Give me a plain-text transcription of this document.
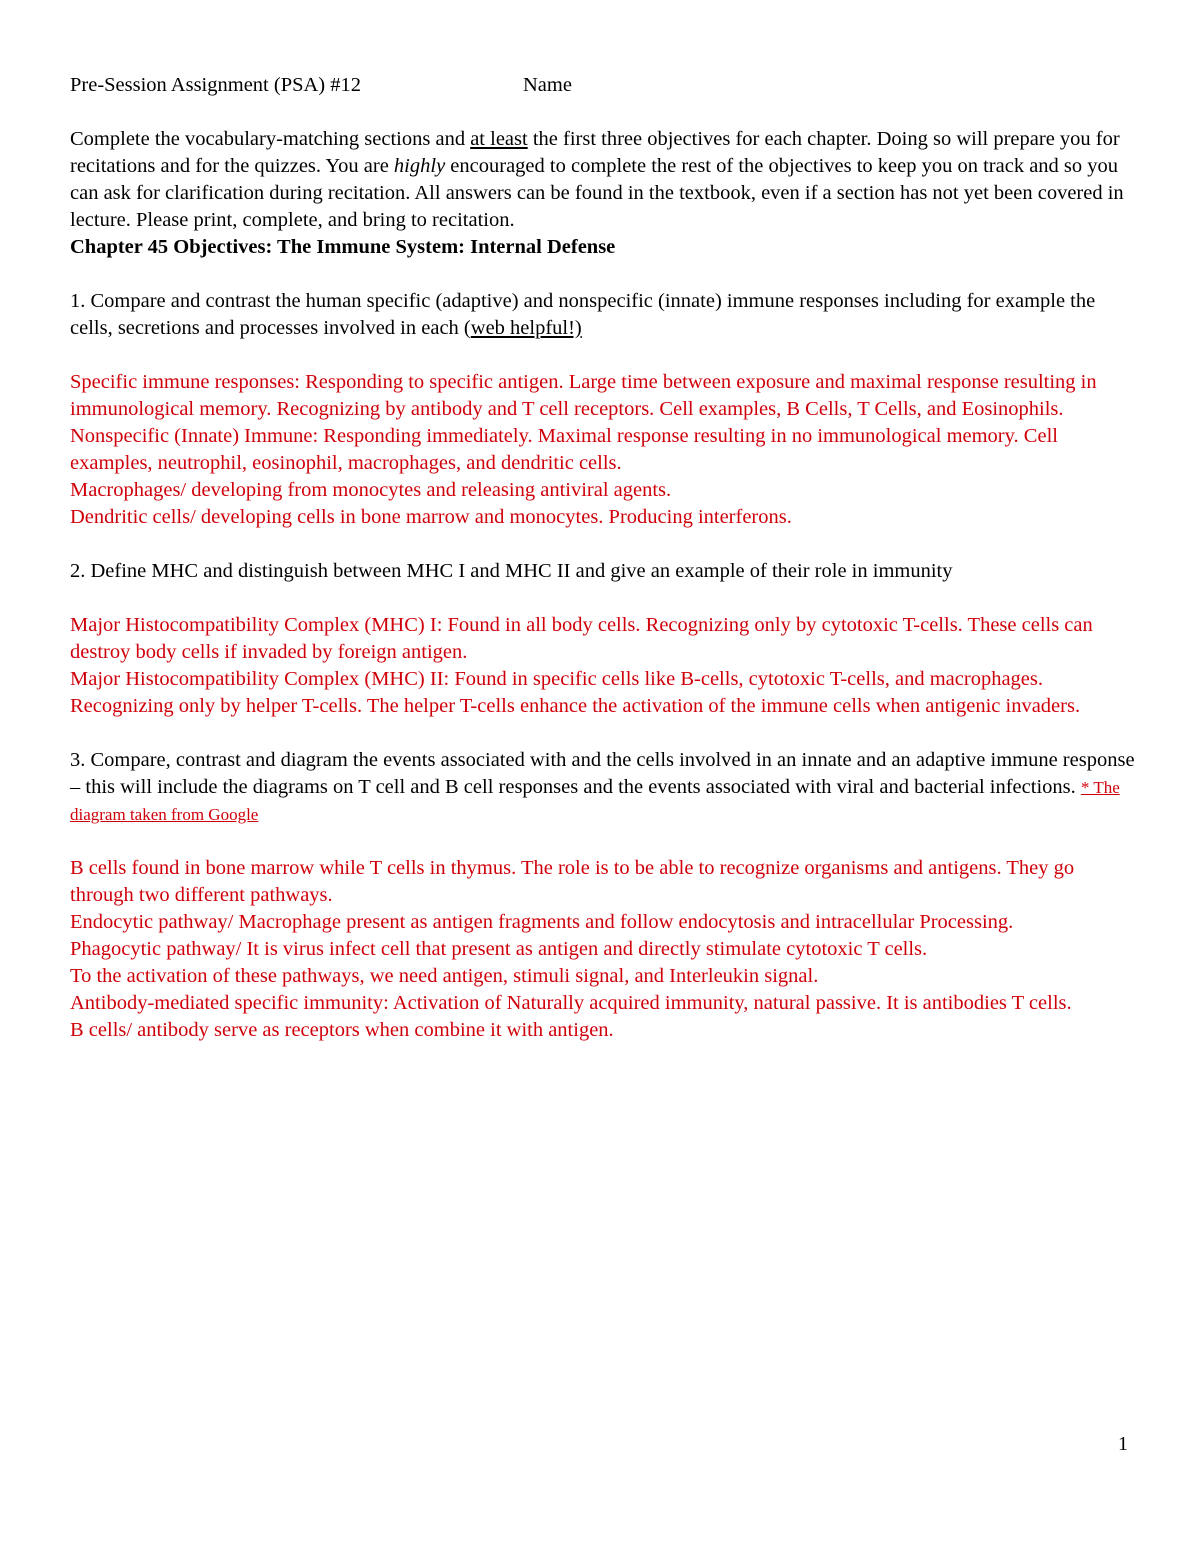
Pre-Session Assignment (PSA) #12	Name

Complete the vocabulary-matching sections and at least the first three objectives for each chapter. Doing so will prepare you for recitations and for the quizzes. You are highly encouraged to complete the rest of the objectives to keep you on track and so you can ask for clarification during recitation. All answers can be found in the textbook, even if a section has not yet been covered in lecture. Please print, complete, and bring to recitation.

Chapter 45 Objectives: The Immune System: Internal Defense

1. Compare and contrast the human specific (adaptive) and nonspecific (innate) immune responses including for example the cells, secretions and processes involved in each (web helpful!)

Specific immune responses: Responding to specific antigen. Large time between exposure and maximal response resulting in immunological memory. Recognizing by antibody and T cell receptors. Cell examples, B Cells, T Cells, and Eosinophils.
Nonspecific (Innate) Immune: Responding immediately. Maximal response resulting in no immunological memory. Cell examples, neutrophil, eosinophil, macrophages, and dendritic cells.
Macrophages/ developing from monocytes and releasing antiviral agents.
Dendritic cells/ developing cells in bone marrow and monocytes. Producing interferons.

2. Define MHC and distinguish between MHC I and MHC II and give an example of their role in immunity

Major Histocompatibility Complex (MHC) I: Found in all body cells. Recognizing only by cytotoxic T-cells. These cells can destroy body cells if invaded by foreign antigen.
Major Histocompatibility Complex (MHC) II: Found in specific cells like B-cells, cytotoxic T-cells, and macrophages. Recognizing only by helper T-cells. The helper T-cells enhance the activation of the immune cells when antigenic invaders.

3. Compare, contrast and diagram the events associated with and the cells involved in an innate and an adaptive immune response – this will include the diagrams on T cell and B cell responses and the events associated with viral and bacterial infections. * The diagram taken from Google

B cells found in bone marrow while T cells in thymus. The role is to be able to recognize organisms and antigens. They go through two different pathways.
Endocytic pathway/ Macrophage present as antigen fragments and follow endocytosis and intracellular Processing.
Phagocytic pathway/ It is virus infect cell that present as antigen and directly stimulate cytotoxic T cells.
To the activation of these pathways, we need antigen, stimuli signal, and Interleukin signal.
Antibody-mediated specific immunity: Activation of Naturally acquired immunity, natural passive. It is antibodies T cells.
B cells/ antibody serve as receptors when combine it with antigen.
1
